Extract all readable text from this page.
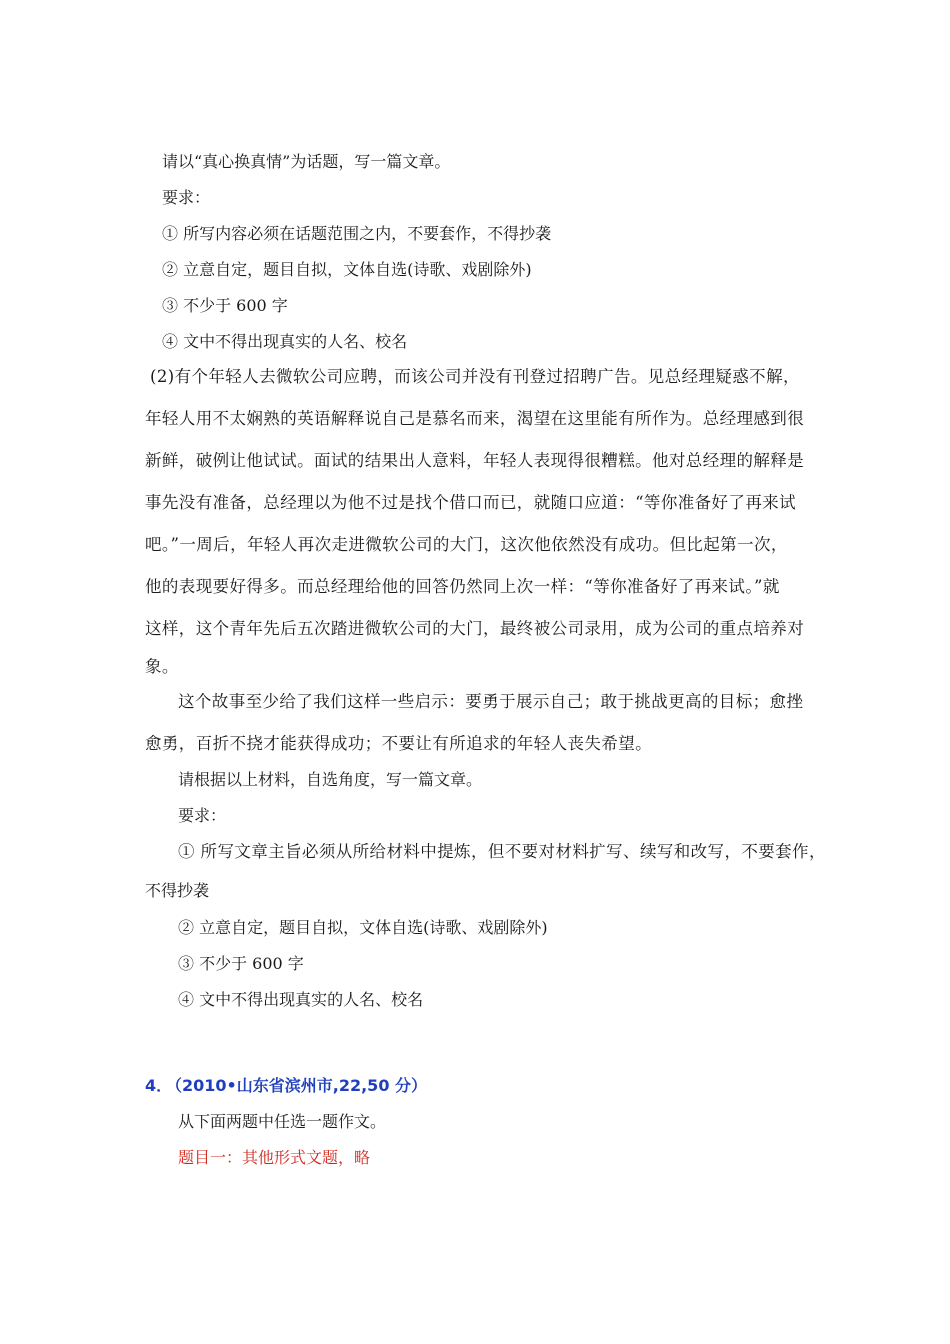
请以“真心换真情”为话题，写一篇文章。
要求：
① 所写内容必须在话题范围之内，不要套作，不得抄袭
② 立意自定，题目自拟，文体自选(诗歌、戏剧除外)
③ 不少于 600 字
④ 文中不得出现真实的人名、校名
(2)有个年轻人去微软公司应聘，而该公司并没有刊登过招聘广告。见总经理疑惑不解，
年轻人用不太娴熟的英语解释说自己是慕名而来，渴望在这里能有所作为。总经理感到很
新鲜，破例让他试试。面试的结果出人意料，年轻人表现得很糟糕。他对总经理的解释是
事先没有准备，总经理以为他不过是找个借口而已，就随口应道：“等你准备好了再来试
吧。”一周后，年轻人再次走进微软公司的大门，这次他依然没有成功。但比起第一次，
他的表现要好得多。而总经理给他的回答仍然同上次一样：“等你准备好了再来试。”就
这样，这个青年先后五次踏进微软公司的大门，最终被公司录用，成为公司的重点培养对
象。
这个故事至少给了我们这样一些启示：要勇于展示自己；敢于挑战更高的目标；愈挫
愈勇，百折不挠才能获得成功；不要让有所追求的年轻人丧失希望。
请根据以上材料，自选角度，写一篇文章。
要求：
① 所写文章主旨必须从所给材料中提炼，但不要对材料扩写、续写和改写，不要套作，
不得抄袭
② 立意自定，题目自拟，文体自选(诗歌、戏剧除外)
③ 不少于 600 字
④ 文中不得出现真实的人名、校名
4．
（2010•山东省滨州市,22,50 分）
从下面两题中任选一题作文。
题目一：其他形式文题，略
